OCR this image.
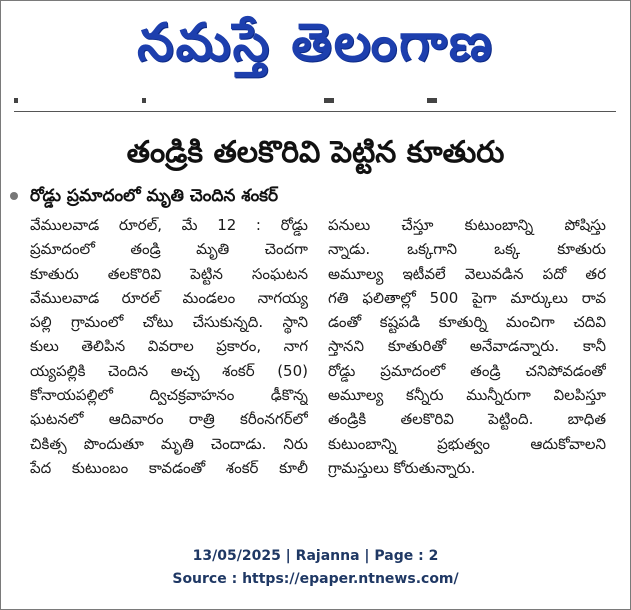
నమస్తే తెలంగాణ
తండ్రికి తలకొరివి పెట్టిన కూతురు
రోడ్డు ప్రమాదంలో మృతి చెందిన శంకర్
వేములవాడ రూరల్, మే 12 : రోడ్డు
ప్రమాదంలో తండ్రి మృతి చెందగా
కూతురు తలకొరివి పెట్టిన సంఘటన
వేములవాడ రూరల్ మండలం నాగయ్య
పల్లి గ్రామంలో చోటు చేసుకున్నది. స్థాని
కులు తెలిపిన వివరాల ప్రకారం, నాగ
య్యపల్లికి చెందిన అచ్చ శంకర్ (50)
కోనాయపల్లిలో ద్విచక్రవాహనం ఢీకొన్న
ఘటనలో ఆదివారం రాత్రి కరీంనగర్‌లో
చికిత్స పొందుతూ మృతి చెందాడు. నిరు
పేద కుటుంబం కావడంతో శంకర్ కూలీ
పనులు చేస్తూ కుటుంబాన్ని పోషిస్తు
న్నాడు. ఒక్కగాని ఒక్క కూతురు
అమూల్య ఇటీవలే వెలువడిన పదో తర
గతి ఫలితాల్లో 500 పైగా మార్కులు రావ
డంతో కష్టపడి కూతుర్ని మంచిగా చదివి
స్తానని కూతురితో అనేవాడన్నారు. కానీ
రోడ్డు ప్రమాదంలో తండ్రి చనిపోవడంతో
అమూల్య కన్నీరు మున్నీరుగా విలపిస్తూ
తండ్రికి తలకొరివి పెట్టింది. బాధిత
కుటుంబాన్ని ప్రభుత్వం ఆదుకోవాలని
గ్రామస్తులు కోరుతున్నారు.
13/05/2025 | Rajanna | Page : 2
Source : https://epaper.ntnews.com/
